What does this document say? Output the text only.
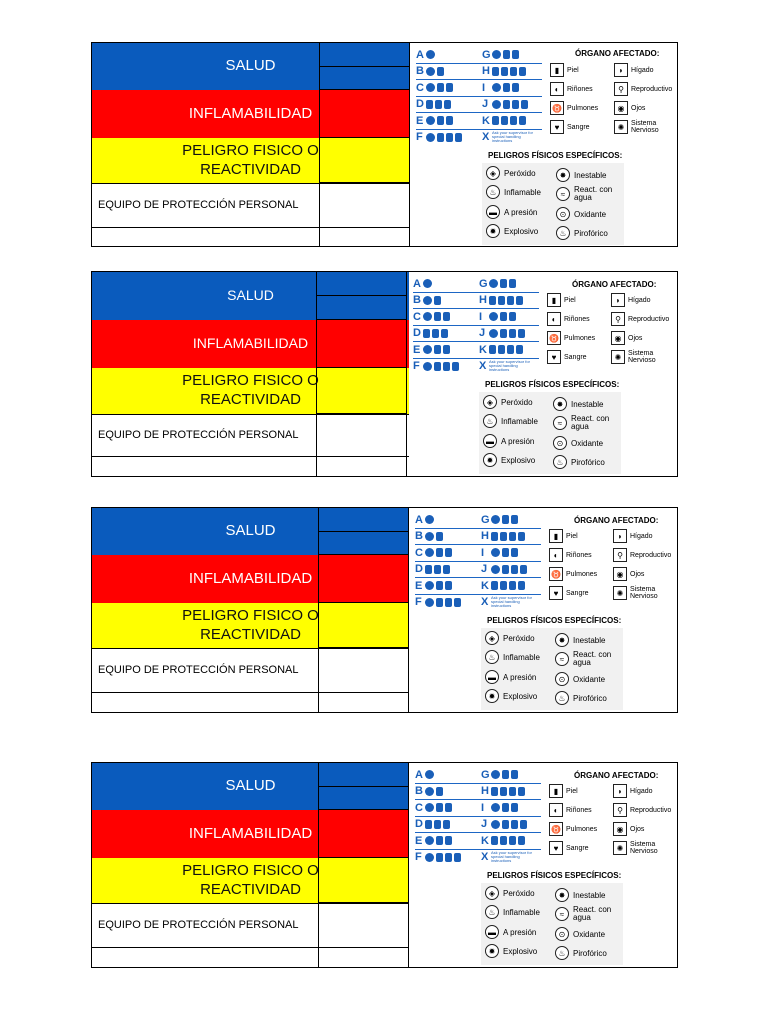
SALUD
INFLAMABILIDAD
PELIGRO FISICO O
REACTIVIDAD
EQUIPO DE PROTECCIÓN PERSONAL
A	G
B	H
C	I
D	J
E	K
F	X Ask your supervisor for special handling instructions
ÓRGANO AFECTADO:
▮	Piel	◗	Hígado
◐	Riñones	⚲	Reproductivo
♉ Pulmones	◉ Ojos
♥	Sangre	✺ Sistema Nervioso
PELIGROS FÍSICOS ESPECÍFICOS:
◈ Peróxido	✸ Inestable
♨ Inflamable	≈	React. con agua
▬ A presión	⊙ Oxidante
✹ Explosivo	♨ Pirofórico
SALUD
INFLAMABILIDAD
PELIGRO FISICO O
REACTIVIDAD
EQUIPO DE PROTECCIÓN PERSONAL
A	G
B	H
C	I
D	J
E	K
F	X Ask your supervisor for special handling instructions
ÓRGANO AFECTADO:
▮	Piel	◗	Hígado
◐	Riñones	⚲	Reproductivo
♉ Pulmones	◉ Ojos
♥	Sangre	✺ Sistema Nervioso
PELIGROS FÍSICOS ESPECÍFICOS:
◈ Peróxido	✸ Inestable
♨ Inflamable	≈	React. con agua
▬ A presión	⊙ Oxidante
✹ Explosivo	♨ Pirofórico
SALUD
INFLAMABILIDAD
PELIGRO FISICO O
REACTIVIDAD
EQUIPO DE PROTECCIÓN PERSONAL
A	G
B	H
C	I
D	J
E	K
F	X Ask your supervisor for special handling instructions
ÓRGANO AFECTADO:
▮	Piel	◗	Hígado
◐	Riñones	⚲	Reproductivo
♉ Pulmones	◉ Ojos
♥	Sangre	✺ Sistema Nervioso
PELIGROS FÍSICOS ESPECÍFICOS:
◈ Peróxido	✸ Inestable
♨ Inflamable	≈	React. con agua
▬ A presión	⊙ Oxidante
✹ Explosivo	♨ Pirofórico
SALUD
INFLAMABILIDAD
PELIGRO FISICO O
REACTIVIDAD
EQUIPO DE PROTECCIÓN PERSONAL
A	G
B	H
C	I
D	J
E	K
F	X Ask your supervisor for special handling instructions
ÓRGANO AFECTADO:
▮	Piel	◗	Hígado
◐	Riñones	⚲	Reproductivo
♉ Pulmones	◉ Ojos
♥	Sangre	✺ Sistema Nervioso
PELIGROS FÍSICOS ESPECÍFICOS:
◈ Peróxido	✸ Inestable
♨ Inflamable	≈	React. con agua
▬ A presión	⊙ Oxidante
✹ Explosivo	♨ Pirofórico
